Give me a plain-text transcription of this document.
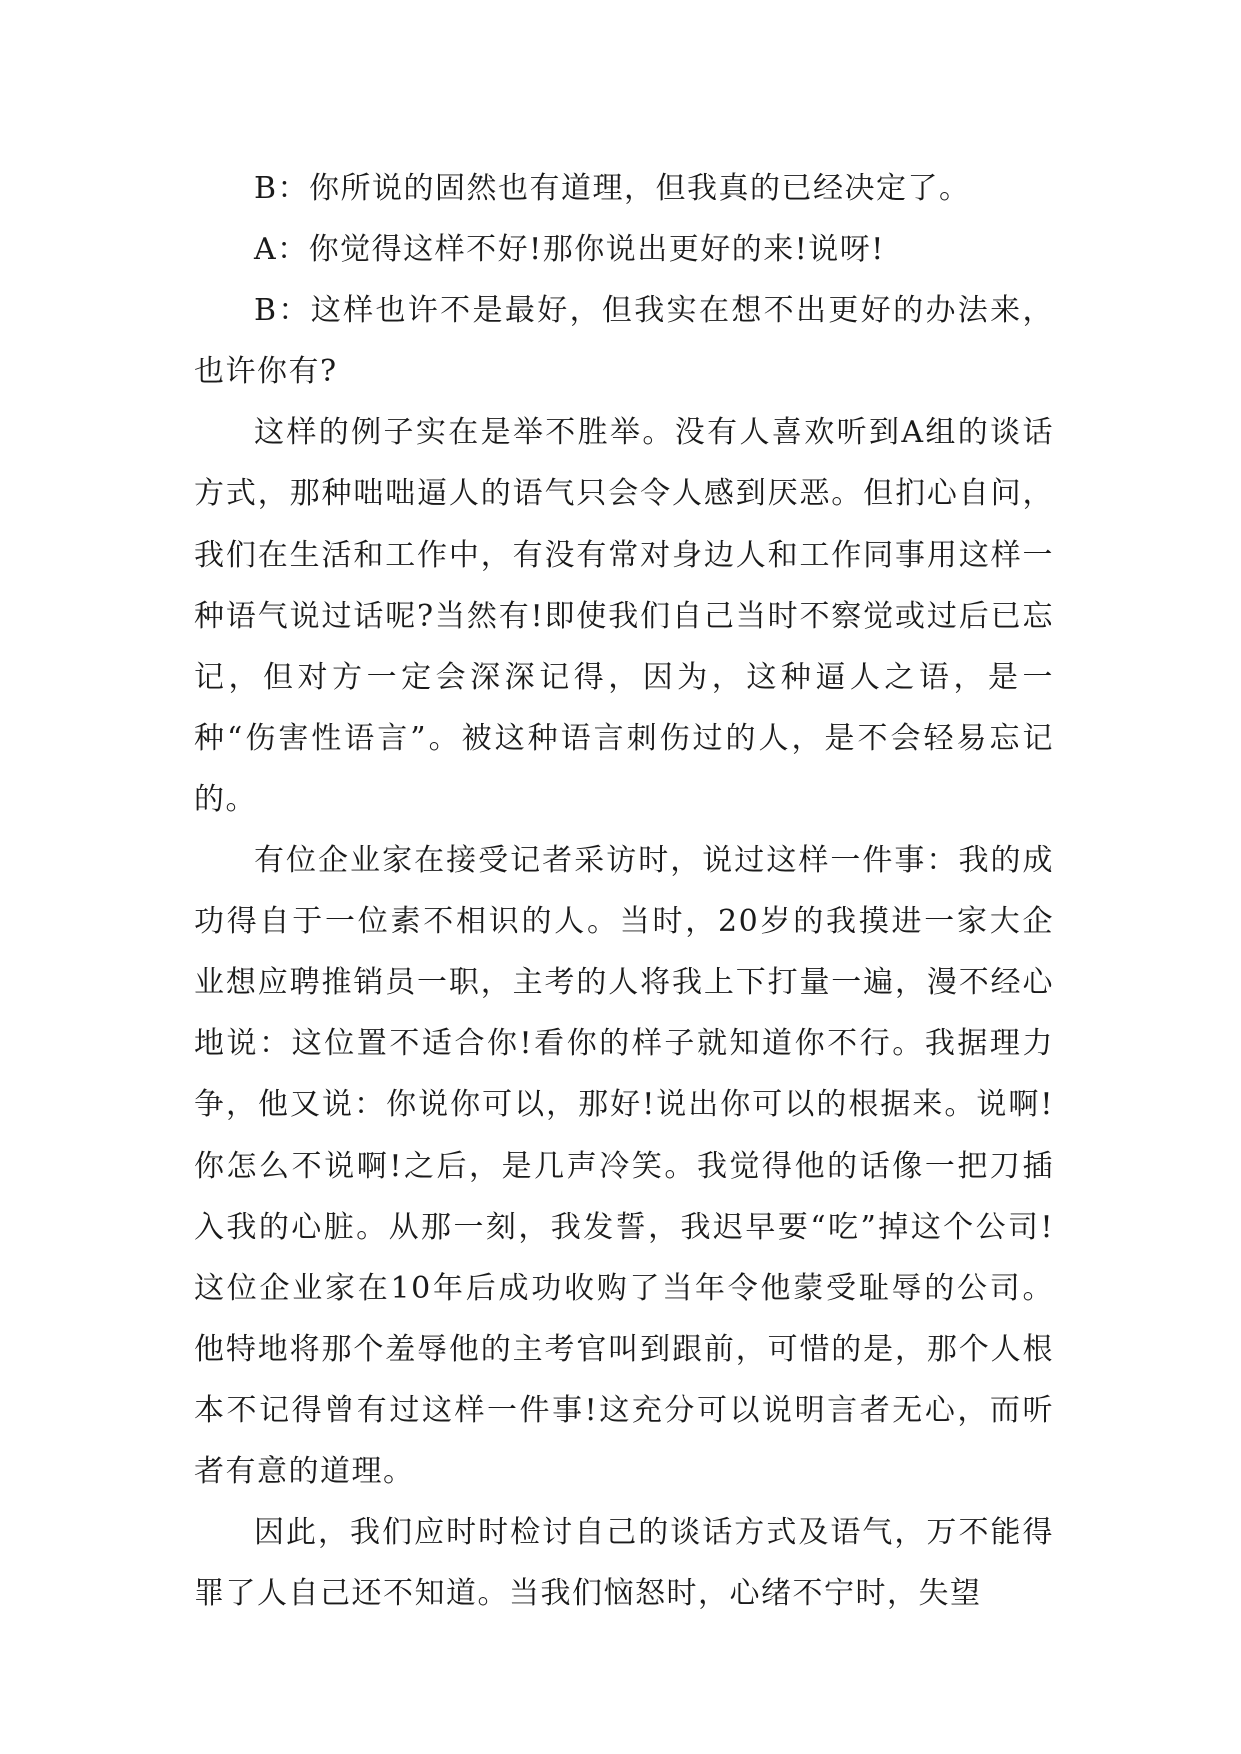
B：你所说的固然也有道理，但我真的已经决定了。

A：你觉得这样不好!那你说出更好的来!说呀!

B：这样也许不是最好，但我实在想不出更好的办法来，也许你有?

这样的例子实在是举不胜举。没有人喜欢听到A组的谈话方式，那种咄咄逼人的语气只会令人感到厌恶。但扪心自问，我们在生活和工作中，有没有常对身边人和工作同事用这样一种语气说过话呢?当然有!即使我们自己当时不察觉或过后已忘记，但对方一定会深深记得，因为，这种逼人之语，是一种“伤害性语言”。被这种语言刺伤过的人，是不会轻易忘记的。

有位企业家在接受记者采访时，说过这样一件事：我的成功得自于一位素不相识的人。当时，20岁的我摸进一家大企业想应聘推销员一职，主考的人将我上下打量一遍，漫不经心地说：这位置不适合你!看你的样子就知道你不行。我据理力争，他又说：你说你可以，那好!说出你可以的根据来。说啊!你怎么不说啊!之后，是几声冷笑。我觉得他的话像一把刀插入我的心脏。从那一刻，我发誓，我迟早要“吃”掉这个公司!这位企业家在10年后成功收购了当年令他蒙受耻辱的公司。他特地将那个羞辱他的主考官叫到跟前，可惜的是，那个人根本不记得曾有过这样一件事!这充分可以说明言者无心，而听者有意的道理。

因此，我们应时时检讨自己的谈话方式及语气，万不能得罪了人自己还不知道。当我们恼怒时，心绪不宁时，失望
